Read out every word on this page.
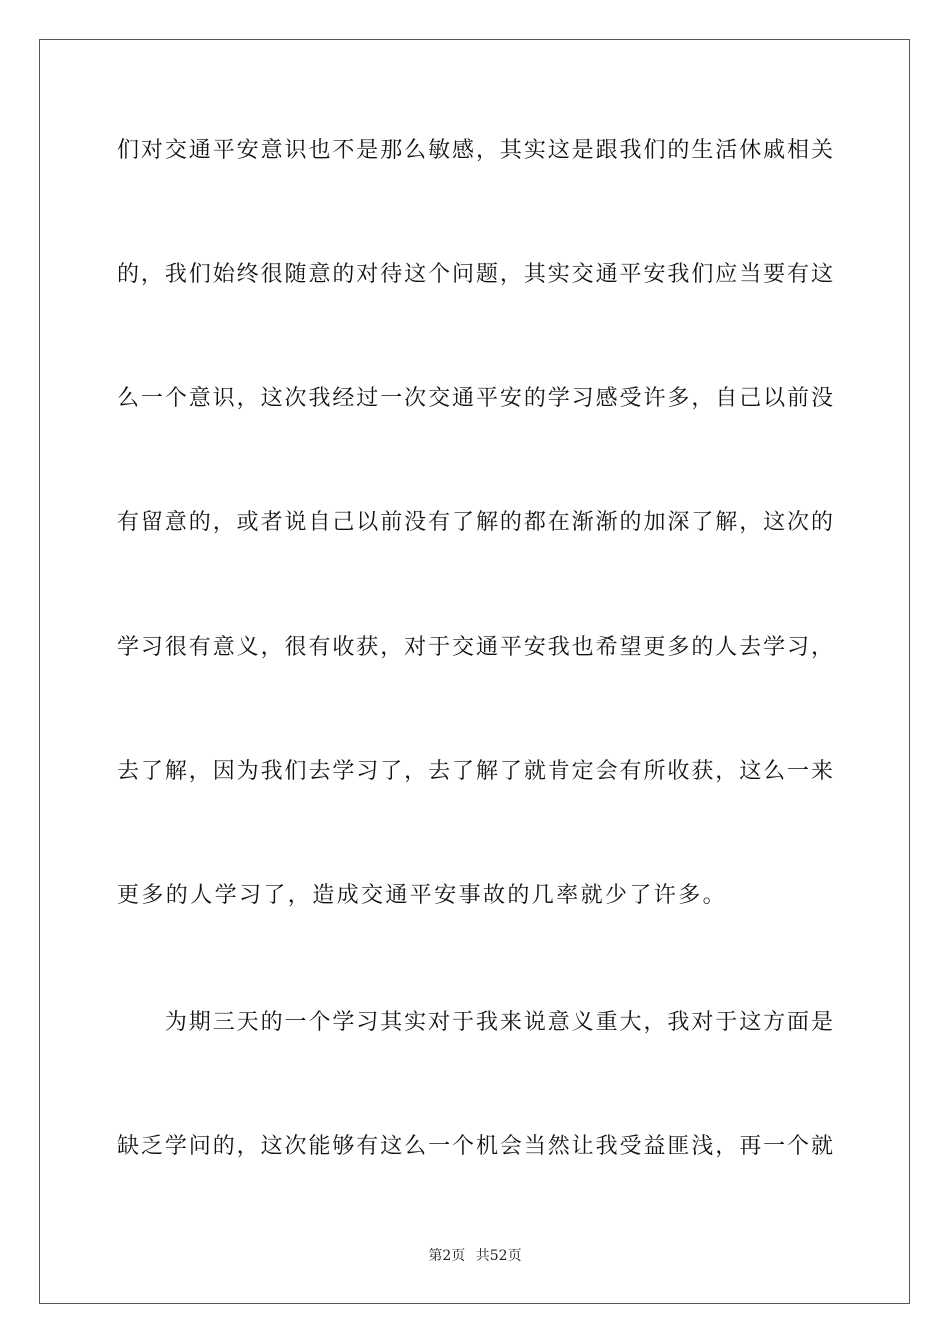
们对交通平安意识也不是那么敏感，其实这是跟我们的生活休戚相关
的，我们始终很随意的对待这个问题，其实交通平安我们应当要有这
么一个意识，这次我经过一次交通平安的学习感受许多，自己以前没
有留意的，或者说自己以前没有了解的都在渐渐的加深了解，这次的
学习很有意义，很有收获，对于交通平安我也希望更多的人去学习，
去了解，因为我们去学习了，去了解了就肯定会有所收获，这么一来
更多的人学习了，造成交通平安事故的几率就少了许多。
　　为期三天的一个学习其实对于我来说意义重大，我对于这方面是
缺乏学问的，这次能够有这么一个机会当然让我受益匪浅，再一个就
第2页 共52页
